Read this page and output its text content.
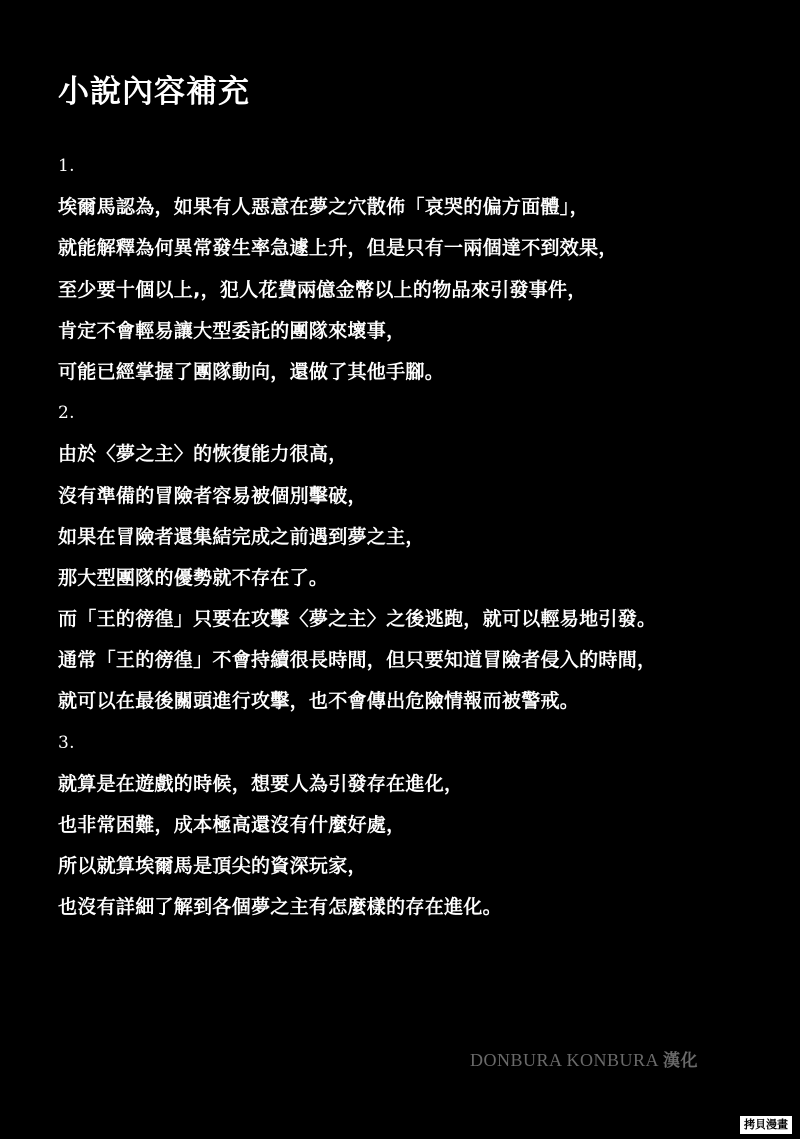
小說內容補充
1.
埃爾馬認為，如果有人惡意在夢之穴散佈「哀哭的偏方面體」，
就能解釋為何異常發生率急遽上升，但是只有一兩個達不到效果，
至少要十個以上,，犯人花費兩億金幣以上的物品來引發事件，
肯定不會輕易讓大型委託的團隊來壞事，
可能已經掌握了團隊動向，還做了其他手腳。
2.
由於〈夢之主〉的恢復能力很高，
沒有準備的冒險者容易被個別擊破，
如果在冒險者還集結完成之前遇到夢之主，
那大型團隊的優勢就不存在了。
而「王的徬徨」只要在攻擊〈夢之主〉之後逃跑，就可以輕易地引發。
通常「王的徬徨」不會持續很長時間，但只要知道冒險者侵入的時間，
就可以在最後關頭進行攻擊，也不會傳出危險情報而被警戒。
3.
就算是在遊戲的時候，想要人為引發存在進化，
也非常困難，成本極高還沒有什麼好處，
所以就算埃爾馬是頂尖的資深玩家，
也沒有詳細了解到各個夢之主有怎麼樣的存在進化。
DONBURA KONBURA 漢化
拷貝漫畫
